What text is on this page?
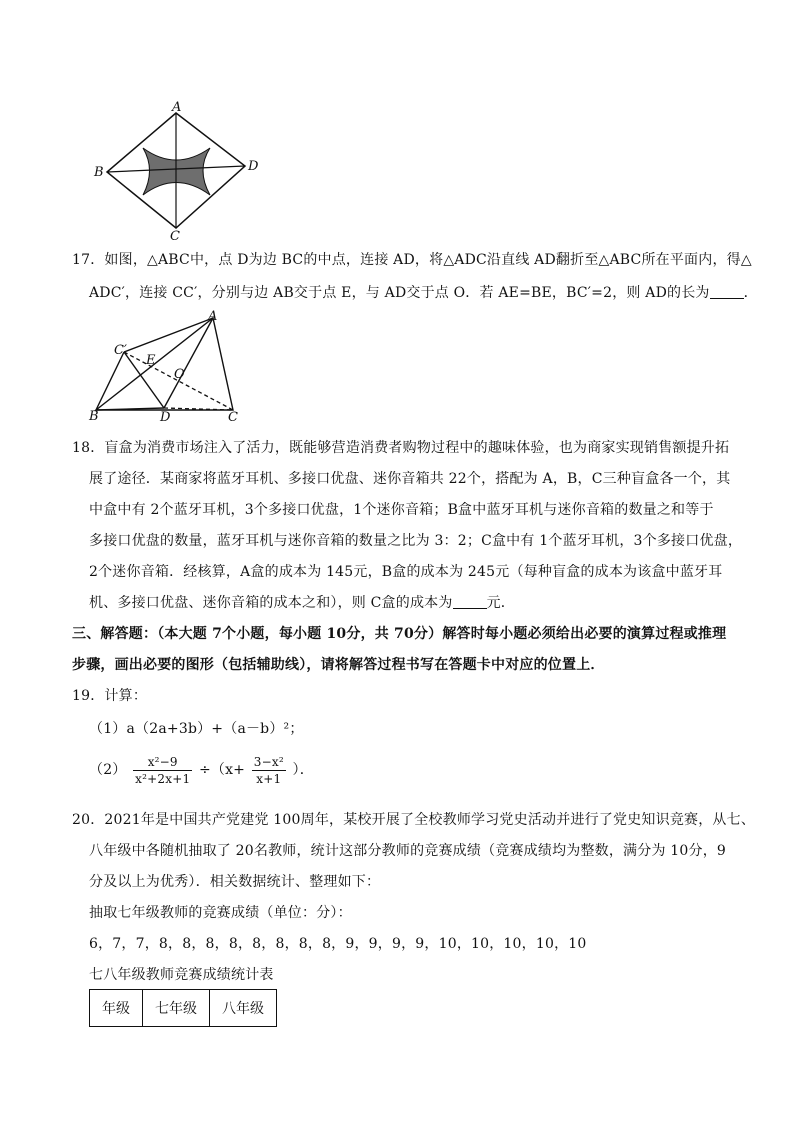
A
B
C
D
17．如图，△ABC中，点 D为边 BC的中点，连接 AD，将△ADC沿直线 AD翻折至△ABC所在平面内，得△
ADC′，连接 CC′，分别与边 AB交于点 E，与 AD交于点 O．若 AE=BE，BC′=2，则 AD的长为 ．
A
C′
E
O
B	D	C
18．盲盒为消费市场注入了活力，既能够营造消费者购物过程中的趣味体验，也为商家实现销售额提升拓
展了途径．某商家将蓝牙耳机、多接口优盘、迷你音箱共 22个，搭配为 A，B，C三种盲盒各一个，其
中盒中有 2个蓝牙耳机，3个多接口优盘，1个迷你音箱；B盒中蓝牙耳机与迷你音箱的数量之和等于
多接口优盘的数量，蓝牙耳机与迷你音箱的数量之比为 3：2；C盒中有 1个蓝牙耳机，3个多接口优盘，
2个迷你音箱．经核算，A盒的成本为 145元，B盒的成本为 245元（每种盲盒的成本为该盒中蓝牙耳
机、多接口优盘、迷你音箱的成本之和），则 C盒的成本为 元．
三、解答题：（本大题 7个小题，每小题 10分，共 70分）解答时每小题必须给出必要的演算过程或推理
步骤，画出必要的图形（包括辅助线），请将解答过程书写在答题卡中对应的位置上．
19．计算：
（1）a（2a+3b）+（a－b）²；
$(2) \frac{\text{x²−9}}{\text{x²+2x+1}} \div(x+ \frac{\text{3−x²}}{x+1}$ ）．
20．2021年是中国共产党建党 100周年，某校开展了全校教师学习党史活动并进行了党史知识竞赛，从七、
八年级中各随机抽取了 20名教师，统计这部分教师的竞赛成绩（竞赛成绩均为整数，满分为 10分，9
分及以上为优秀）．相关数据统计、整理如下：
抽取七年级教师的竞赛成绩（单位：分）：
6，7，7，8，8，8，8，8，8，8，8，9，9，9，9，10，10，10，10，10
七八年级教师竞赛成绩统计表
年级	七年级	八年级
